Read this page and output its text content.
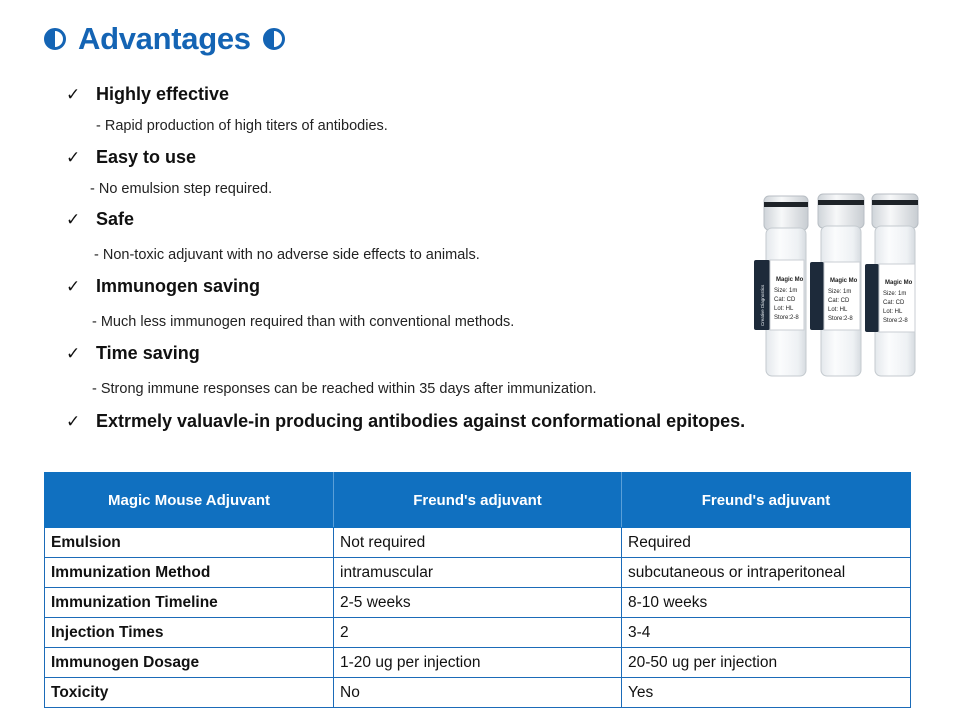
Advantages
✓ Highly effective
- Rapid production of high titers of antibodies.
✓ Easy to use
- No emulsion step required.
✓ Safe
- Non-toxic adjuvant with no adverse side effects to animals.
✓ Immunogen saving
- Much less immunogen required than with conventional methods.
✓ Time saving
- Strong immune responses can be reached within 35 days after immunization.
✓ Extrmely valuavle-in producing antibodies against conformational epitopes.
Magic Mo
Size: 1m
Cat: CD
Lot: HL
Store:2-8
Creative Diagnostics
Magic Mo
Size: 1m
Cat: CD
Lot: HL
Store:2-8
Magic Mo
Size: 1m
Cat: CD
Lot: HL
Store:2-8
Magic Mouse Adjuvant	Freund's adjuvant	Freund's adjuvant
Emulsion	Not required	Required
Immunization Method	intramuscular	subcutaneous or intraperitoneal
Immunization Timeline	2-5 weeks	8-10 weeks
Injection Times	2	3-4
Immunogen Dosage	1-20 ug per injection	20-50 ug per injection
Toxicity	No	Yes
